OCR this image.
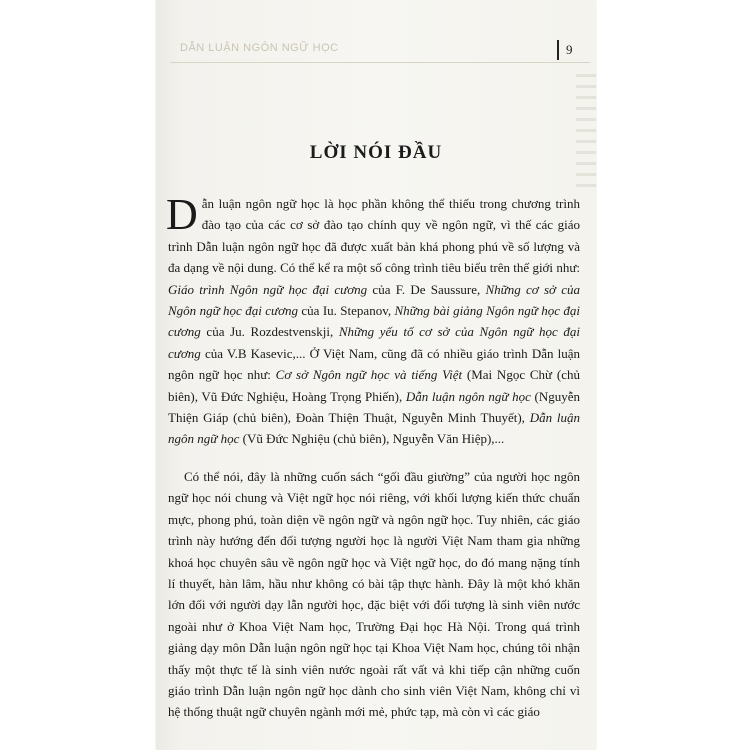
DẪN LUẬN NGÔN NGỮ HỌC	9
LỜI NÓI ĐẦU

Dẫn luận ngôn ngữ học là học phần không thể thiếu trong chương trình đào tạo của các cơ sở đào tạo chính quy về ngôn ngữ, vì thế các giáo trình Dẫn luận ngôn ngữ học đã được xuất bản khá phong phú về số lượng và đa dạng về nội dung. Có thể kể ra một số công trình tiêu biểu trên thế giới như: Giáo trình Ngôn ngữ học đại cương của F. De Saussure, Những cơ sở của Ngôn ngữ học đại cương của Iu. Stepanov, Những bài giảng Ngôn ngữ học đại cương của Ju. Rozdestvenskji, Những yếu tố cơ sở của Ngôn ngữ học đại cương của V.B Kasevic,... Ở Việt Nam, cũng đã có nhiều giáo trình Dẫn luận ngôn ngữ học như: Cơ sở Ngôn ngữ học và tiếng Việt (Mai Ngọc Chừ (chủ biên), Vũ Đức Nghiệu, Hoàng Trọng Phiến), Dẫn luận ngôn ngữ học (Nguyễn Thiện Giáp (chủ biên), Đoàn Thiện Thuật, Nguyễn Minh Thuyết), Dẫn luận ngôn ngữ học (Vũ Đức Nghiệu (chủ biên), Nguyễn Văn Hiệp),...

Có thể nói, đây là những cuốn sách “gối đầu giường” của người học ngôn ngữ học nói chung và Việt ngữ học nói riêng, với khối lượng kiến thức chuẩn mực, phong phú, toàn diện về ngôn ngữ và ngôn ngữ học. Tuy nhiên, các giáo trình này hướng đến đối tượng người học là người Việt Nam tham gia những khoá học chuyên sâu về ngôn ngữ học và Việt ngữ học, do đó mang nặng tính lí thuyết, hàn lâm, hầu như không có bài tập thực hành. Đây là một khó khăn lớn đối với người dạy lẫn người học, đặc biệt với đối tượng là sinh viên nước ngoài như ở Khoa Việt Nam học, Trường Đại học Hà Nội. Trong quá trình giảng dạy môn Dẫn luận ngôn ngữ học tại Khoa Việt Nam học, chúng tôi nhận thấy một thực tế là sinh viên nước ngoài rất vất vả khi tiếp cận những cuốn giáo trình Dẫn luận ngôn ngữ học dành cho sinh viên Việt Nam, không chỉ vì hệ thống thuật ngữ chuyên ngành mới mẻ, phức tạp, mà còn vì các giáo
